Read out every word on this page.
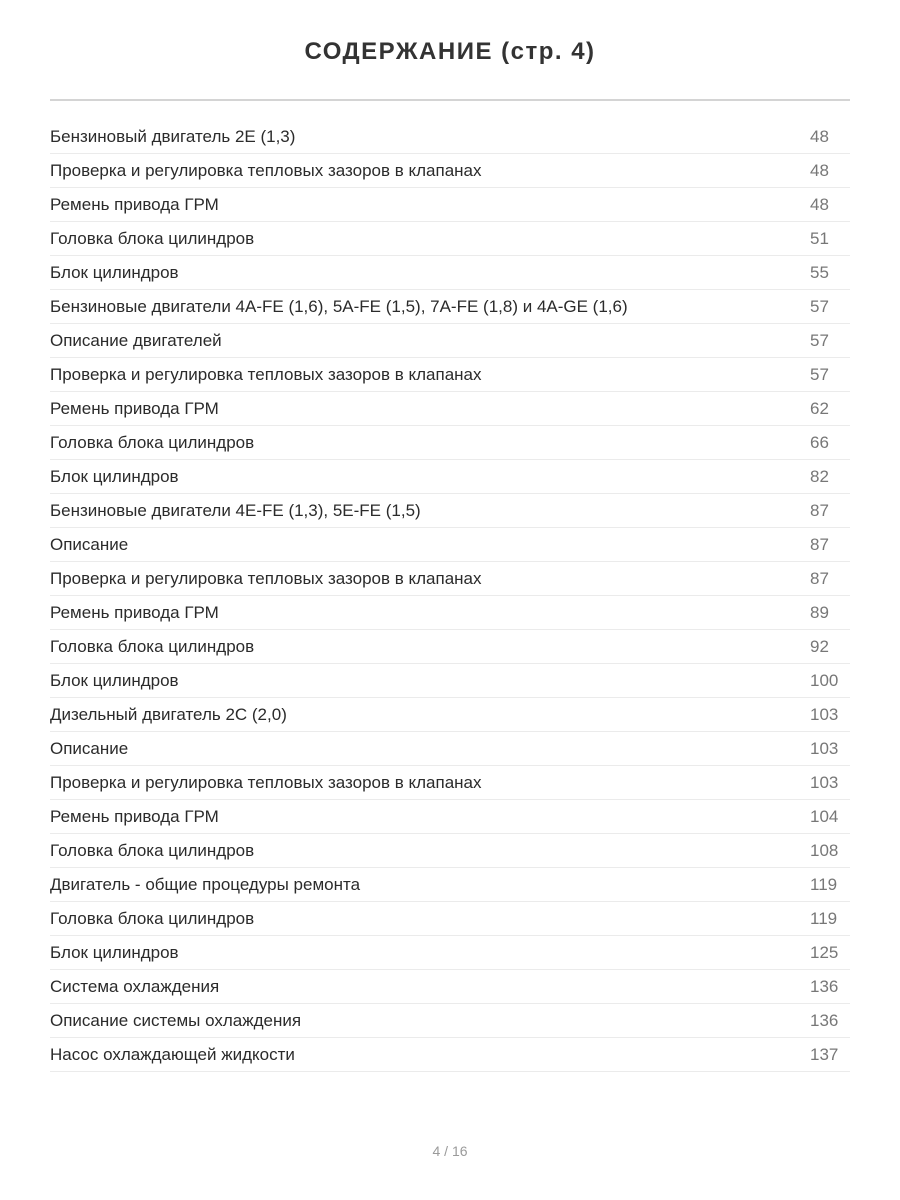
СОДЕРЖАНИЕ (стр. 4)
Бензиновый двигатель 2E (1,3)	48
Проверка и регулировка тепловых зазоров в клапанах	48
Ремень привода ГРМ	48
Головка блока цилиндров	51
Блок цилиндров	55
Бензиновые двигатели 4A-FE (1,6), 5A-FE (1,5), 7A-FE (1,8) и 4A-GE (1,6)	57
Описание двигателей	57
Проверка и регулировка тепловых зазоров в клапанах	57
Ремень привода ГРМ	62
Головка блока цилиндров	66
Блок цилиндров	82
Бензиновые двигатели 4E-FE (1,3), 5E-FE (1,5)	87
Описание	87
Проверка и регулировка тепловых зазоров в клапанах	87
Ремень привода ГРМ	89
Головка блока цилиндров	92
Блок цилиндров	100
Дизельный двигатель 2C (2,0)	103
Описание	103
Проверка и регулировка тепловых зазоров в клапанах	103
Ремень привода ГРМ	104
Головка блока цилиндров	108
Двигатель - общие процедуры ремонта	119
Головка блока цилиндров	119
Блок цилиндров	125
Система охлаждения	136
Описание системы охлаждения	136
Насос охлаждающей жидкости	137
4 / 16
